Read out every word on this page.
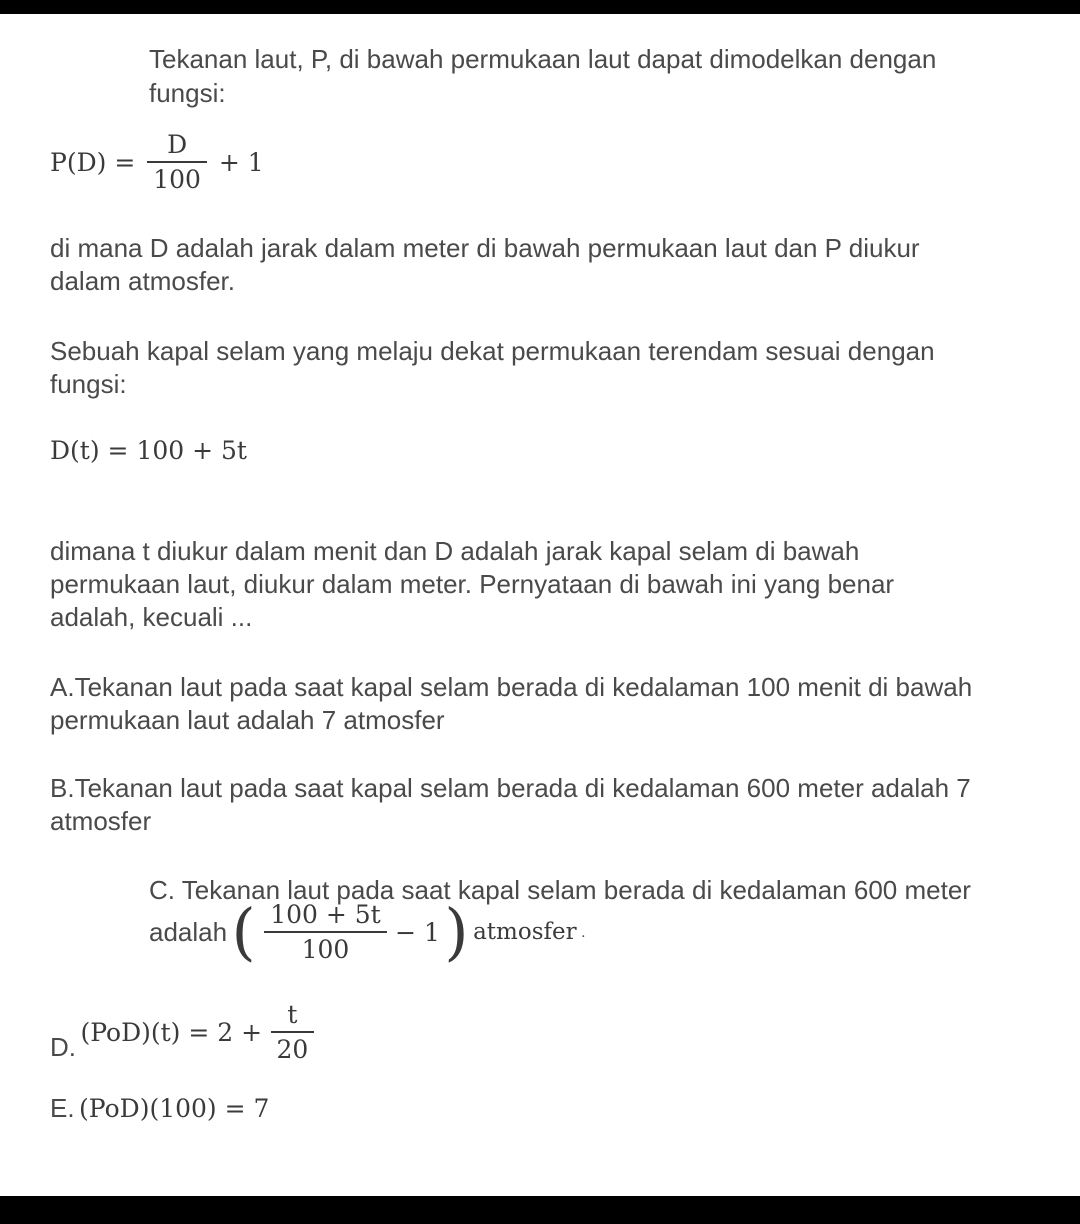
Tekanan laut, P, di bawah permukaan laut dapat dimodelkan dengan
fungsi:
$P(D) = \frac{D}{100} + 1$
di mana D adalah jarak dalam meter di bawah permukaan laut dan P diukur
dalam atmosfer.
Sebuah kapal selam yang melaju dekat permukaan terendam sesuai dengan
fungsi:
D(t) = 100 + 5t
dimana t diukur dalam menit dan D adalah jarak kapal selam di bawah
permukaan laut, diukur dalam meter. Pernyataan di bawah ini yang benar
adalah, kecuali ...
A.Tekanan laut pada saat kapal selam berada di kedalaman 100 menit di bawah
permukaan laut adalah 7 atmosfer
B.Tekanan laut pada saat kapal selam berada di kedalaman 600 meter adalah 7
atmosfer
C. Tekanan laut pada saat kapal selam berada di kedalaman 600 meter
adalah ( $\frac{100 + 5t}{100} - 1$ ) atmosfer .
D. $(PoD)(t) = 2 + \frac{t}{20}$
E. (PoD)(100) = 7
